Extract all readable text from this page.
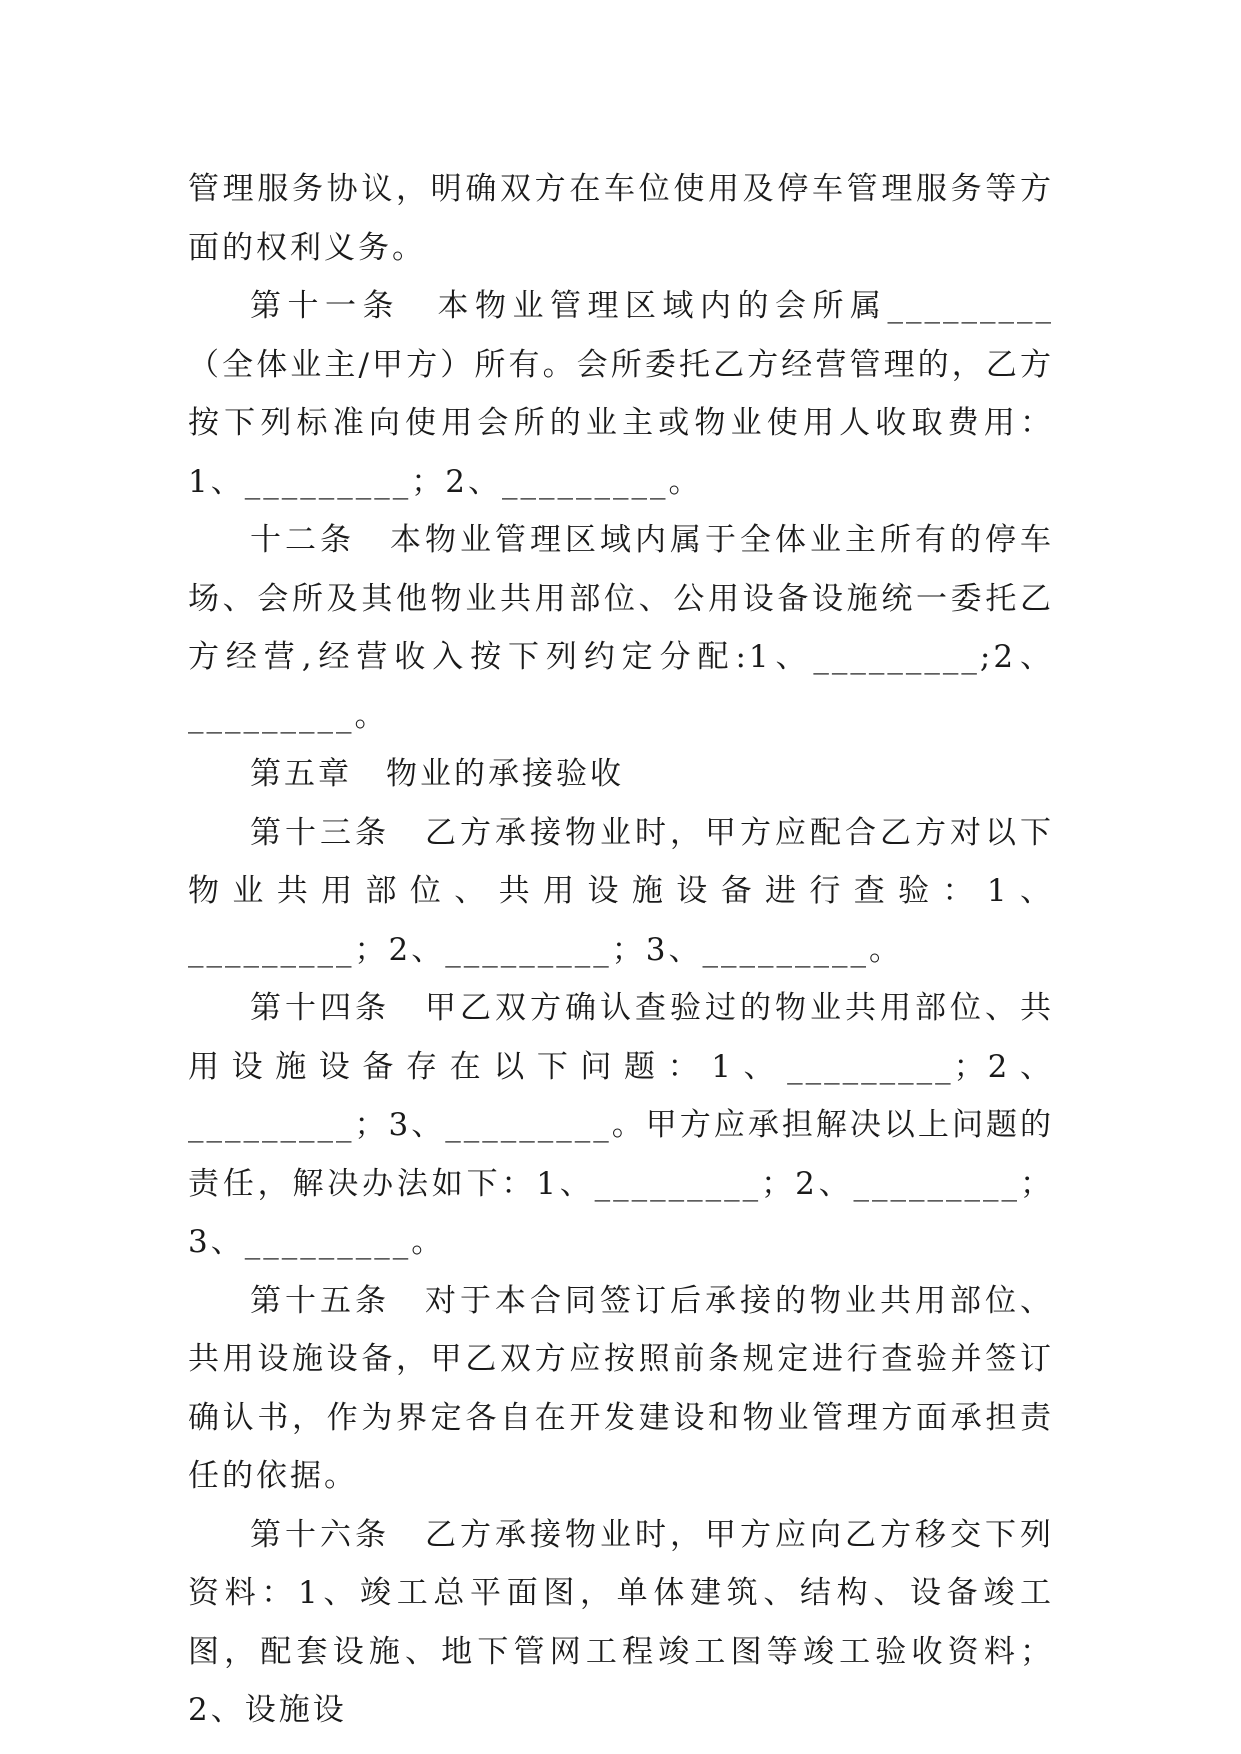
管理服务协议，明确双方在车位使用及停车管理服务等方面的权利义务。

第十一条　本物业管理区域内的会所属_________（全体业主/甲方）所有。会所委托乙方经营管理的，乙方按下列标准向使用会所的业主或物业使用人收取费用：1、_________；2、_________。

十二条　本物业管理区域内属于全体业主所有的停车场、会所及其他物业共用部位、公用设备设施统一委托乙方经营,经营收入按下列约定分配:1、_________;2、_________。

第五章　物业的承接验收

第十三条　乙方承接物业时，甲方应配合乙方对以下物业共用部位、共用设施设备进行查验：1、_________；2、_________；3、_________。

第十四条　甲乙双方确认查验过的物业共用部位、共用设施设备存在以下问题：1、_________；2、_________；3、_________。甲方应承担解决以上问题的责任，解决办法如下：1、_________；2、_________；3、_________。

第十五条　对于本合同签订后承接的物业共用部位、共用设施设备，甲乙双方应按照前条规定进行查验并签订确认书，作为界定各自在开发建设和物业管理方面承担责任的依据。

第十六条　乙方承接物业时，甲方应向乙方移交下列资料：1、竣工总平面图，单体建筑、结构、设备竣工图，配套设施、地下管网工程竣工图等竣工验收资料；2、设施设
